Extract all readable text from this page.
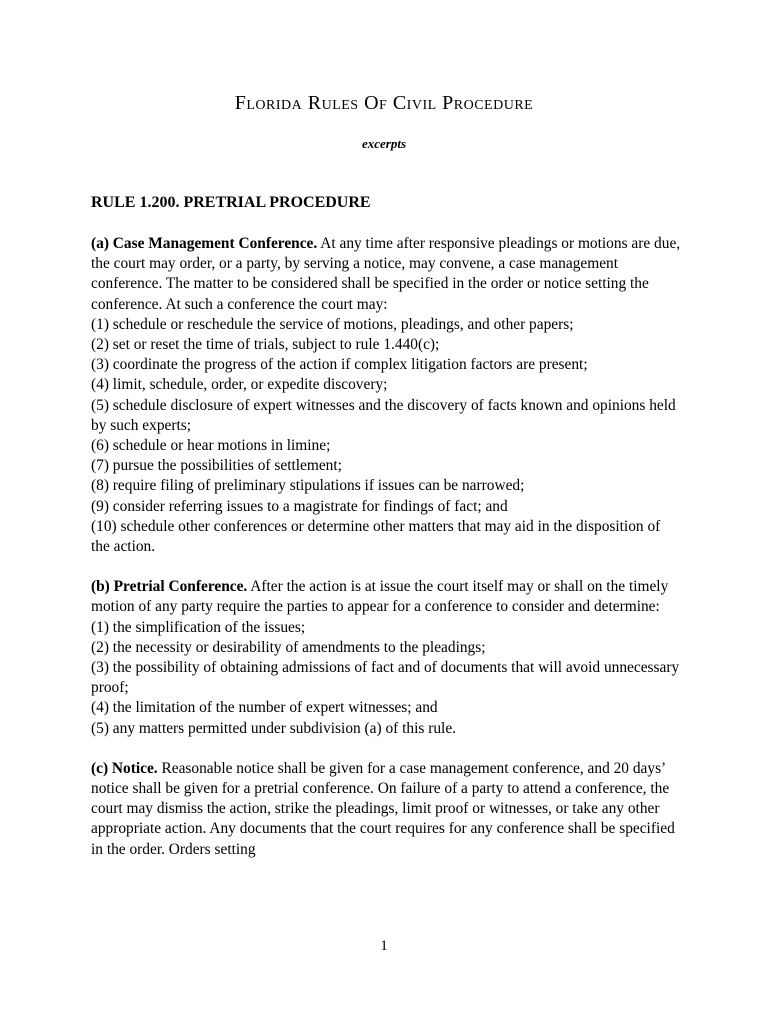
Florida Rules Of Civil Procedure
excerpts
RULE 1.200. PRETRIAL PROCEDURE

(a) Case Management Conference. At any time after responsive pleadings or motions are due, the court may order, or a party, by serving a notice, may convene, a case management conference. The matter to be considered shall be specified in the order or notice setting the conference. At such a conference the court may:

(1) schedule or reschedule the service of motions, pleadings, and other papers;

(2) set or reset the time of trials, subject to rule 1.440(c);

(3) coordinate the progress of the action if complex litigation factors are present;

(4) limit, schedule, order, or expedite discovery;

(5) schedule disclosure of expert witnesses and the discovery of facts known and opinions held by such experts;

(6) schedule or hear motions in limine;

(7) pursue the possibilities of settlement;

(8) require filing of preliminary stipulations if issues can be narrowed;

(9) consider referring issues to a magistrate for findings of fact; and

(10) schedule other conferences or determine other matters that may aid in the disposition of the action.

(b) Pretrial Conference. After the action is at issue the court itself may or shall on the timely motion of any party require the parties to appear for a conference to consider and determine:

(1) the simplification of the issues;

(2) the necessity or desirability of amendments to the pleadings;

(3) the possibility of obtaining admissions of fact and of documents that will avoid unnecessary proof;

(4) the limitation of the number of expert witnesses; and

(5) any matters permitted under subdivision (a) of this rule.

(c) Notice. Reasonable notice shall be given for a case management conference, and 20 days’ notice shall be given for a pretrial conference. On failure of a party to attend a conference, the court may dismiss the action, strike the pleadings, limit proof or witnesses, or take any other appropriate action. Any documents that the court requires for any conference shall be specified in the order. Orders setting

1
